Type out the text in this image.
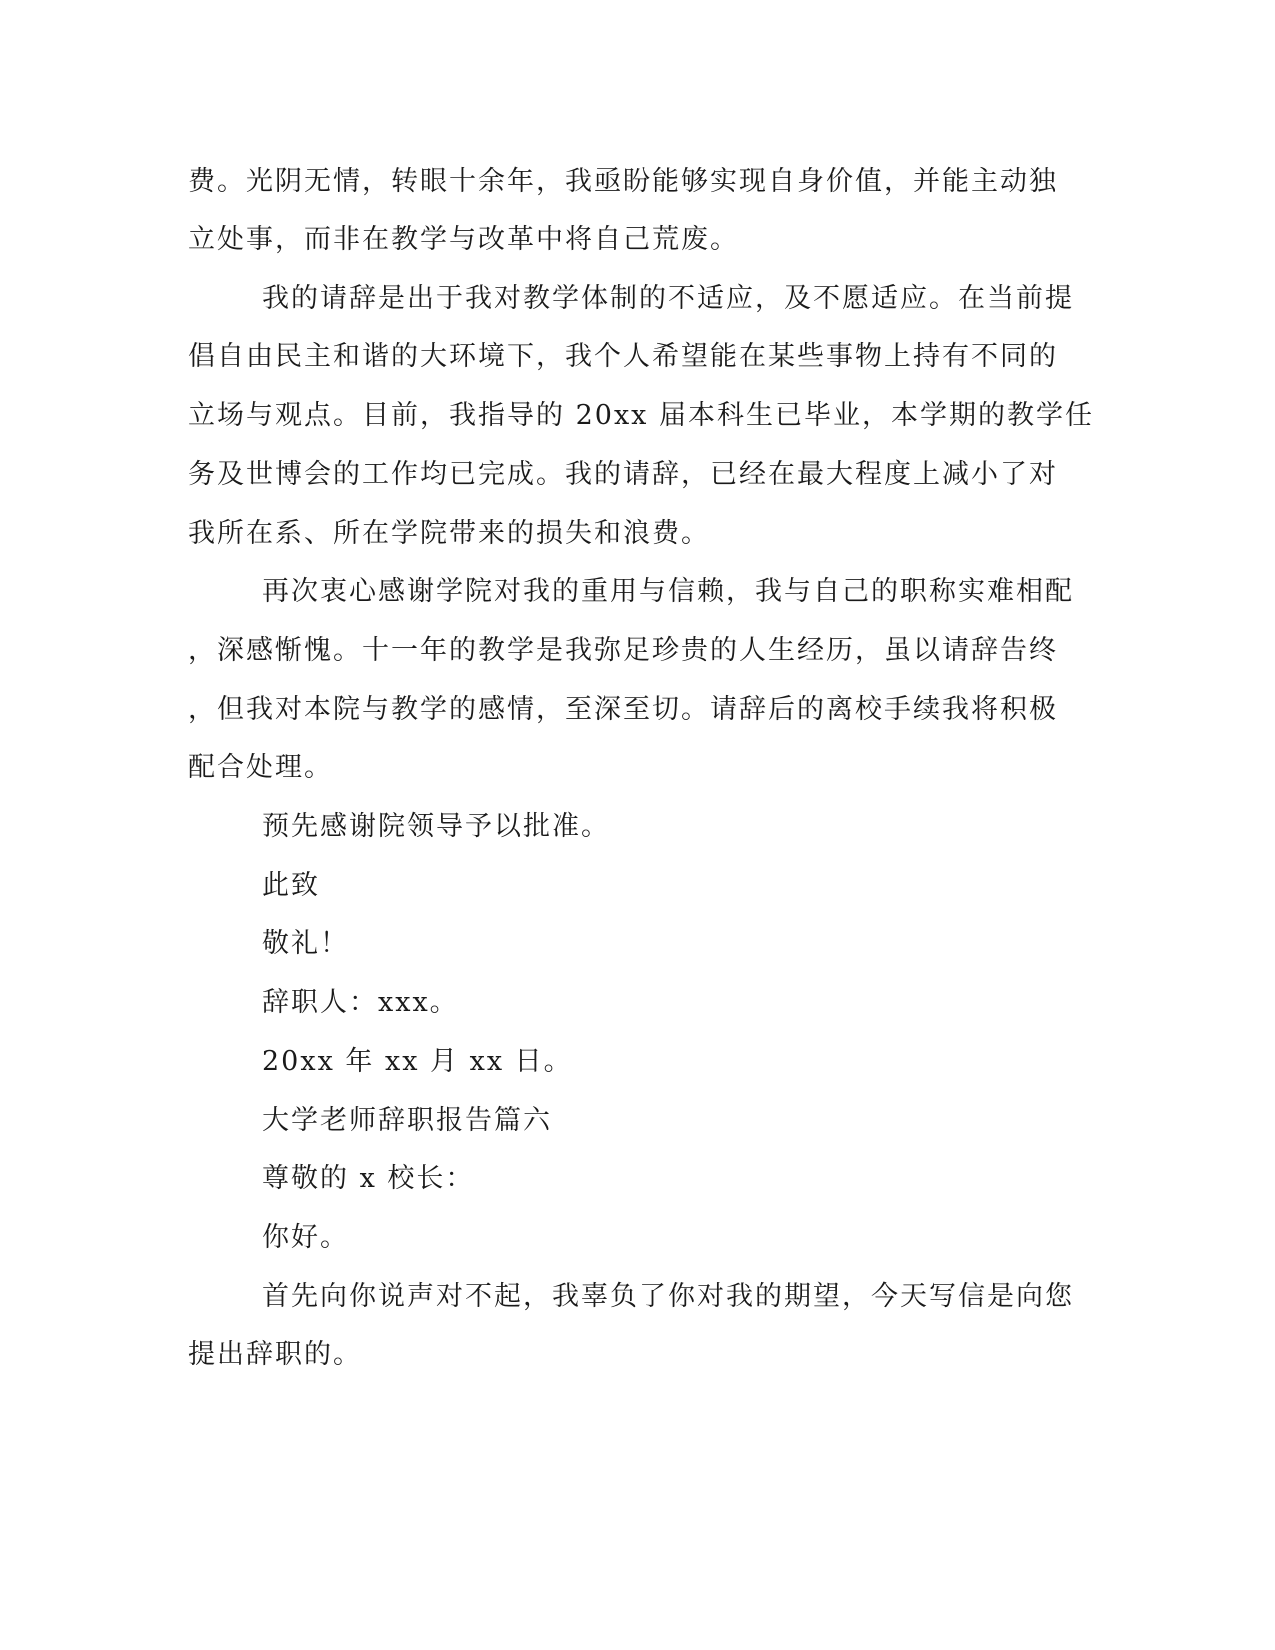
费。光阴无情，转眼十余年，我亟盼能够实现自身价值，并能主动独
立处事，而非在教学与改革中将自己荒废。
我的请辞是出于我对教学体制的不适应，及不愿适应。在当前提
倡自由民主和谐的大环境下，我个人希望能在某些事物上持有不同的
立场与观点。目前，我指导的 20xx 届本科生已毕业，本学期的教学任
务及世博会的工作均已完成。我的请辞，已经在最大程度上减小了对
我所在系、所在学院带来的损失和浪费。
再次衷心感谢学院对我的重用与信赖，我与自己的职称实难相配
，深感惭愧。十一年的教学是我弥足珍贵的人生经历，虽以请辞告终
，但我对本院与教学的感情，至深至切。请辞后的离校手续我将积极
配合处理。
预先感谢院领导予以批准。
此致
敬礼！
辞职人：xxx。
20xx 年 xx 月 xx 日。
大学老师辞职报告篇六
尊敬的 x 校长：
你好。
首先向你说声对不起，我辜负了你对我的期望，今天写信是向您
提出辞职的。
